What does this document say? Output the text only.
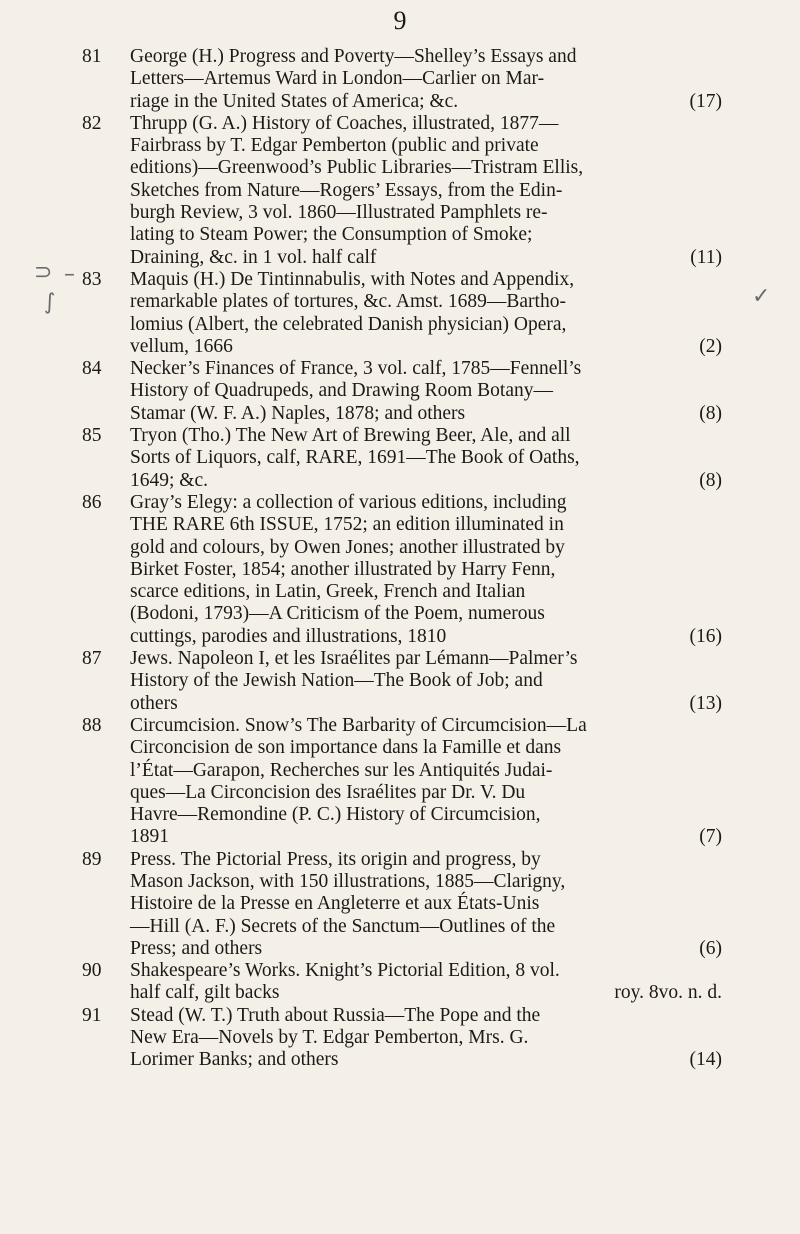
9
⊃ –
∫	✓
81	George (H.) Progress and Poverty—Shelley’s Essays and
Letters—Artemus Ward in London—Carlier on Mar-
riage in the United States of America; &c.	(17)
82	Thrupp (G. A.) History of Coaches, illustrated, 1877—
Fairbrass by T. Edgar Pemberton (public and private
editions)—Greenwood’s Public Libraries—Tristram Ellis,
Sketches from Nature—Rogers’ Essays, from the Edin-
burgh Review, 3 vol. 1860—Illustrated Pamphlets re-
lating to Steam Power; the Consumption of Smoke;
Draining, &c. in 1 vol. half calf	(11)
83	Maquis (H.) De Tintinnabulis, with Notes and Appendix,
remarkable plates of tortures, &c. Amst. 1689—Bartho-
lomius (Albert, the celebrated Danish physician) Opera,
vellum, 1666	(2)
84	Necker’s Finances of France, 3 vol. calf, 1785—Fennell’s
History of Quadrupeds, and Drawing Room Botany—
Stamar (W. F. A.) Naples, 1878; and others	(8)
85	Tryon (Tho.) The New Art of Brewing Beer, Ale, and all
Sorts of Liquors, calf, RARE, 1691—The Book of Oaths,
1649; &c.	(8)
86	Gray’s Elegy: a collection of various editions, including
THE RARE 6th ISSUE, 1752; an edition illuminated in
gold and colours, by Owen Jones; another illustrated by
Birket Foster, 1854; another illustrated by Harry Fenn,
scarce editions, in Latin, Greek, French and Italian
(Bodoni, 1793)—A Criticism of the Poem, numerous
cuttings, parodies and illustrations, 1810	(16)
87	Jews. Napoleon I, et les Israélites par Lémann—Palmer’s
History of the Jewish Nation—The Book of Job; and
others	(13)
88	Circumcision. Snow’s The Barbarity of Circumcision—La
Circoncision de son importance dans la Famille et dans
l’État—Garapon, Recherches sur les Antiquités Judai-
ques—La Circoncision des Israélites par Dr. V. Du
Havre—Remondine (P. C.) History of Circumcision,
1891	(7)
89	Press. The Pictorial Press, its origin and progress, by
Mason Jackson, with 150 illustrations, 1885—Clarigny,
Histoire de la Presse en Angleterre et aux États-Unis
—Hill (A. F.) Secrets of the Sanctum—Outlines of the
Press; and others	(6)
90	Shakespeare’s Works. Knight’s Pictorial Edition, 8 vol.
half calf, gilt backs	roy. 8vo. n. d.
91	Stead (W. T.) Truth about Russia—The Pope and the
New Era—Novels by T. Edgar Pemberton, Mrs. G.
Lorimer Banks; and others	(14)
